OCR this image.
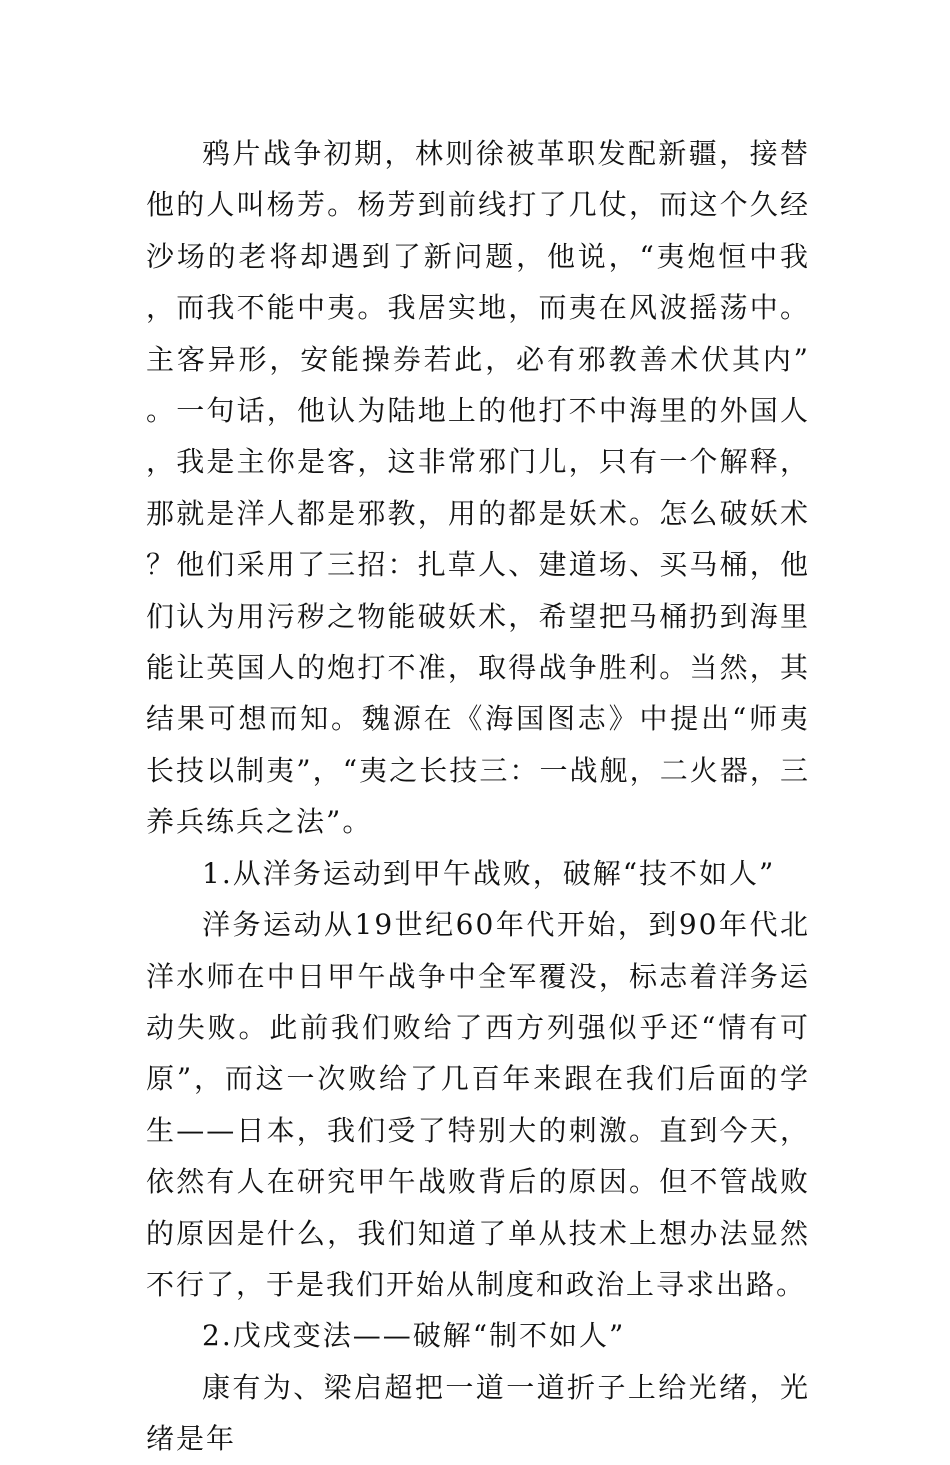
鸦片战争初期，林则徐被革职发配新疆，接替他的人叫杨芳。杨芳到前线打了几仗，而这个久经沙场的老将却遇到了新问题，他说，“夷炮恒中我，而我不能中夷。我居实地，而夷在风波摇荡中。主客异形，安能操券若此，必有邪教善术伏其内”。一句话，他认为陆地上的他打不中海里的外国人，我是主你是客，这非常邪门儿，只有一个解释，那就是洋人都是邪教，用的都是妖术。怎么破妖术？他们采用了三招：扎草人、建道场、买马桶，他们认为用污秽之物能破妖术，希望把马桶扔到海里能让英国人的炮打不准，取得战争胜利。当然，其结果可想而知。魏源在《海国图志》中提出“师夷长技以制夷”，“夷之长技三：一战舰，二火器，三养兵练兵之法”。

1.从洋务运动到甲午战败，破解“技不如人”

洋务运动从19世纪60年代开始，到90年代北洋水师在中日甲午战争中全军覆没，标志着洋务运动失败。此前我们败给了西方列强似乎还“情有可原”，而这一次败给了几百年来跟在我们后面的学生——日本，我们受了特别大的刺激。直到今天，依然有人在研究甲午战败背后的原因。但不管战败的原因是什么，我们知道了单从技术上想办法显然不行了，于是我们开始从制度和政治上寻求出路。

2.戊戌变法——破解“制不如人”

康有为、梁启超把一道一道折子上给光绪，光绪是年
